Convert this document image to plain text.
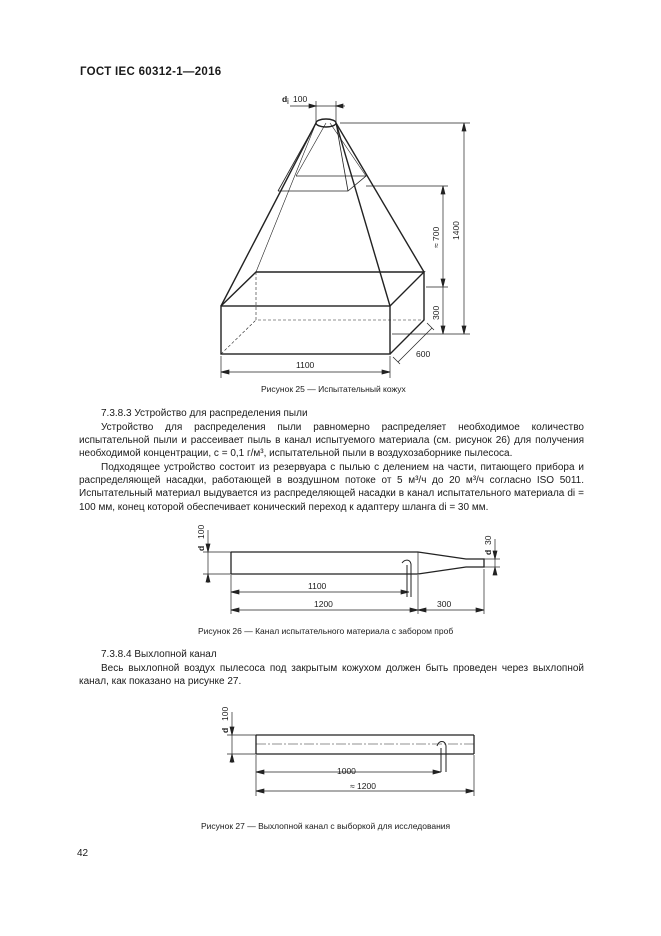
ГОСТ IEC 60312-1—2016
d i 100
1400
≈ 700
300
1100
600
Рисунок 25 — Испытательный кожух
7.3.8.3 Устройство для распределения пыли
Устройство для распределения пыли равномерно распределяет необходимое количество испытательной пыли и рассеивает пыль в канал испытуемого материала (см. рисунок 26) для получения необходимой концентрации, c = 0,1 г/м³, испытательной пыли в воздухозаборнике пылесоса.
Подходящее устройство состоит из резервуара с пылью с делением на части, питающего прибора и распределяющей насадки, работающей в воздушном потоке от 5 м³/ч до 20 м³/ч согласно ISO 5011. Испытательный материал выдувается из распределяющей насадки в канал испытательного материала di = 100 мм, конец которой обеспечивает конический переход к адаптеру шланга di = 30 мм.
d
100
d
30
1100
1200	300
Рисунок 26 — Канал испытательного материала с забором проб
7.3.8.4 Выхлопной канал
Весь выхлопной воздух пылесоса под закрытым кожухом должен быть проведен через выхлопной канал, как показано на рисунке 27.
d
100
1000
≈ 1200
Рисунок 27 — Выхлопной канал с выборкой для исследования
42
